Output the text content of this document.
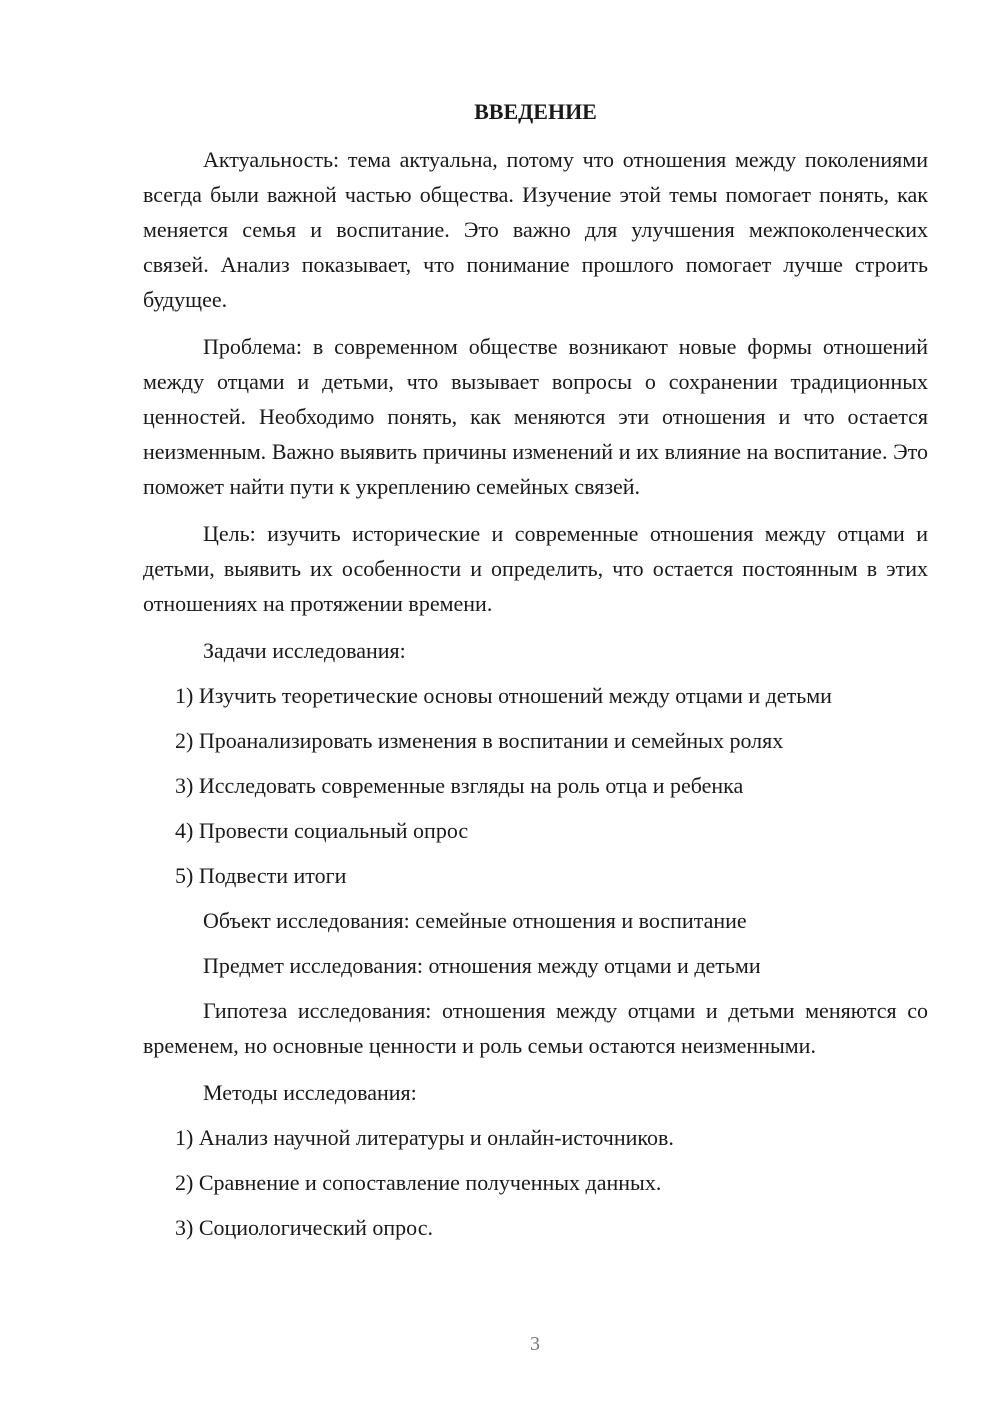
ВВЕДЕНИЕ

Актуальность: тема актуальна, потому что отношения между поколениями всегда были важной частью общества. Изучение этой темы помогает понять, как меняется семья и воспитание. Это важно для улучшения межпоколенческих связей. Анализ показывает, что понимание прошлого помогает лучше строить будущее.

Проблема: в современном обществе возникают новые формы отношений между отцами и детьми, что вызывает вопросы о сохранении традиционных ценностей. Необходимо понять, как меняются эти отношения и что остается неизменным. Важно выявить причины изменений и их влияние на воспитание. Это поможет найти пути к укреплению семейных связей.

Цель: изучить исторические и современные отношения между отцами и детьми, выявить их особенности и определить, что остается постоянным в этих отношениях на протяжении времени.

Задачи исследования:

1) Изучить теоретические основы отношений между отцами и детьми

2) Проанализировать изменения в воспитании и семейных ролях

3) Исследовать современные взгляды на роль отца и ребенка

4) Провести социальный опрос

5) Подвести итоги

Объект исследования: семейные отношения и воспитание

Предмет исследования: отношения между отцами и детьми

Гипотеза исследования: отношения между отцами и детьми меняются со временем, но основные ценности и роль семьи остаются неизменными.

Методы исследования:

1) Анализ научной литературы и онлайн-источников.

2) Сравнение и сопоставление полученных данных.

3) Социологический опрос.

3
